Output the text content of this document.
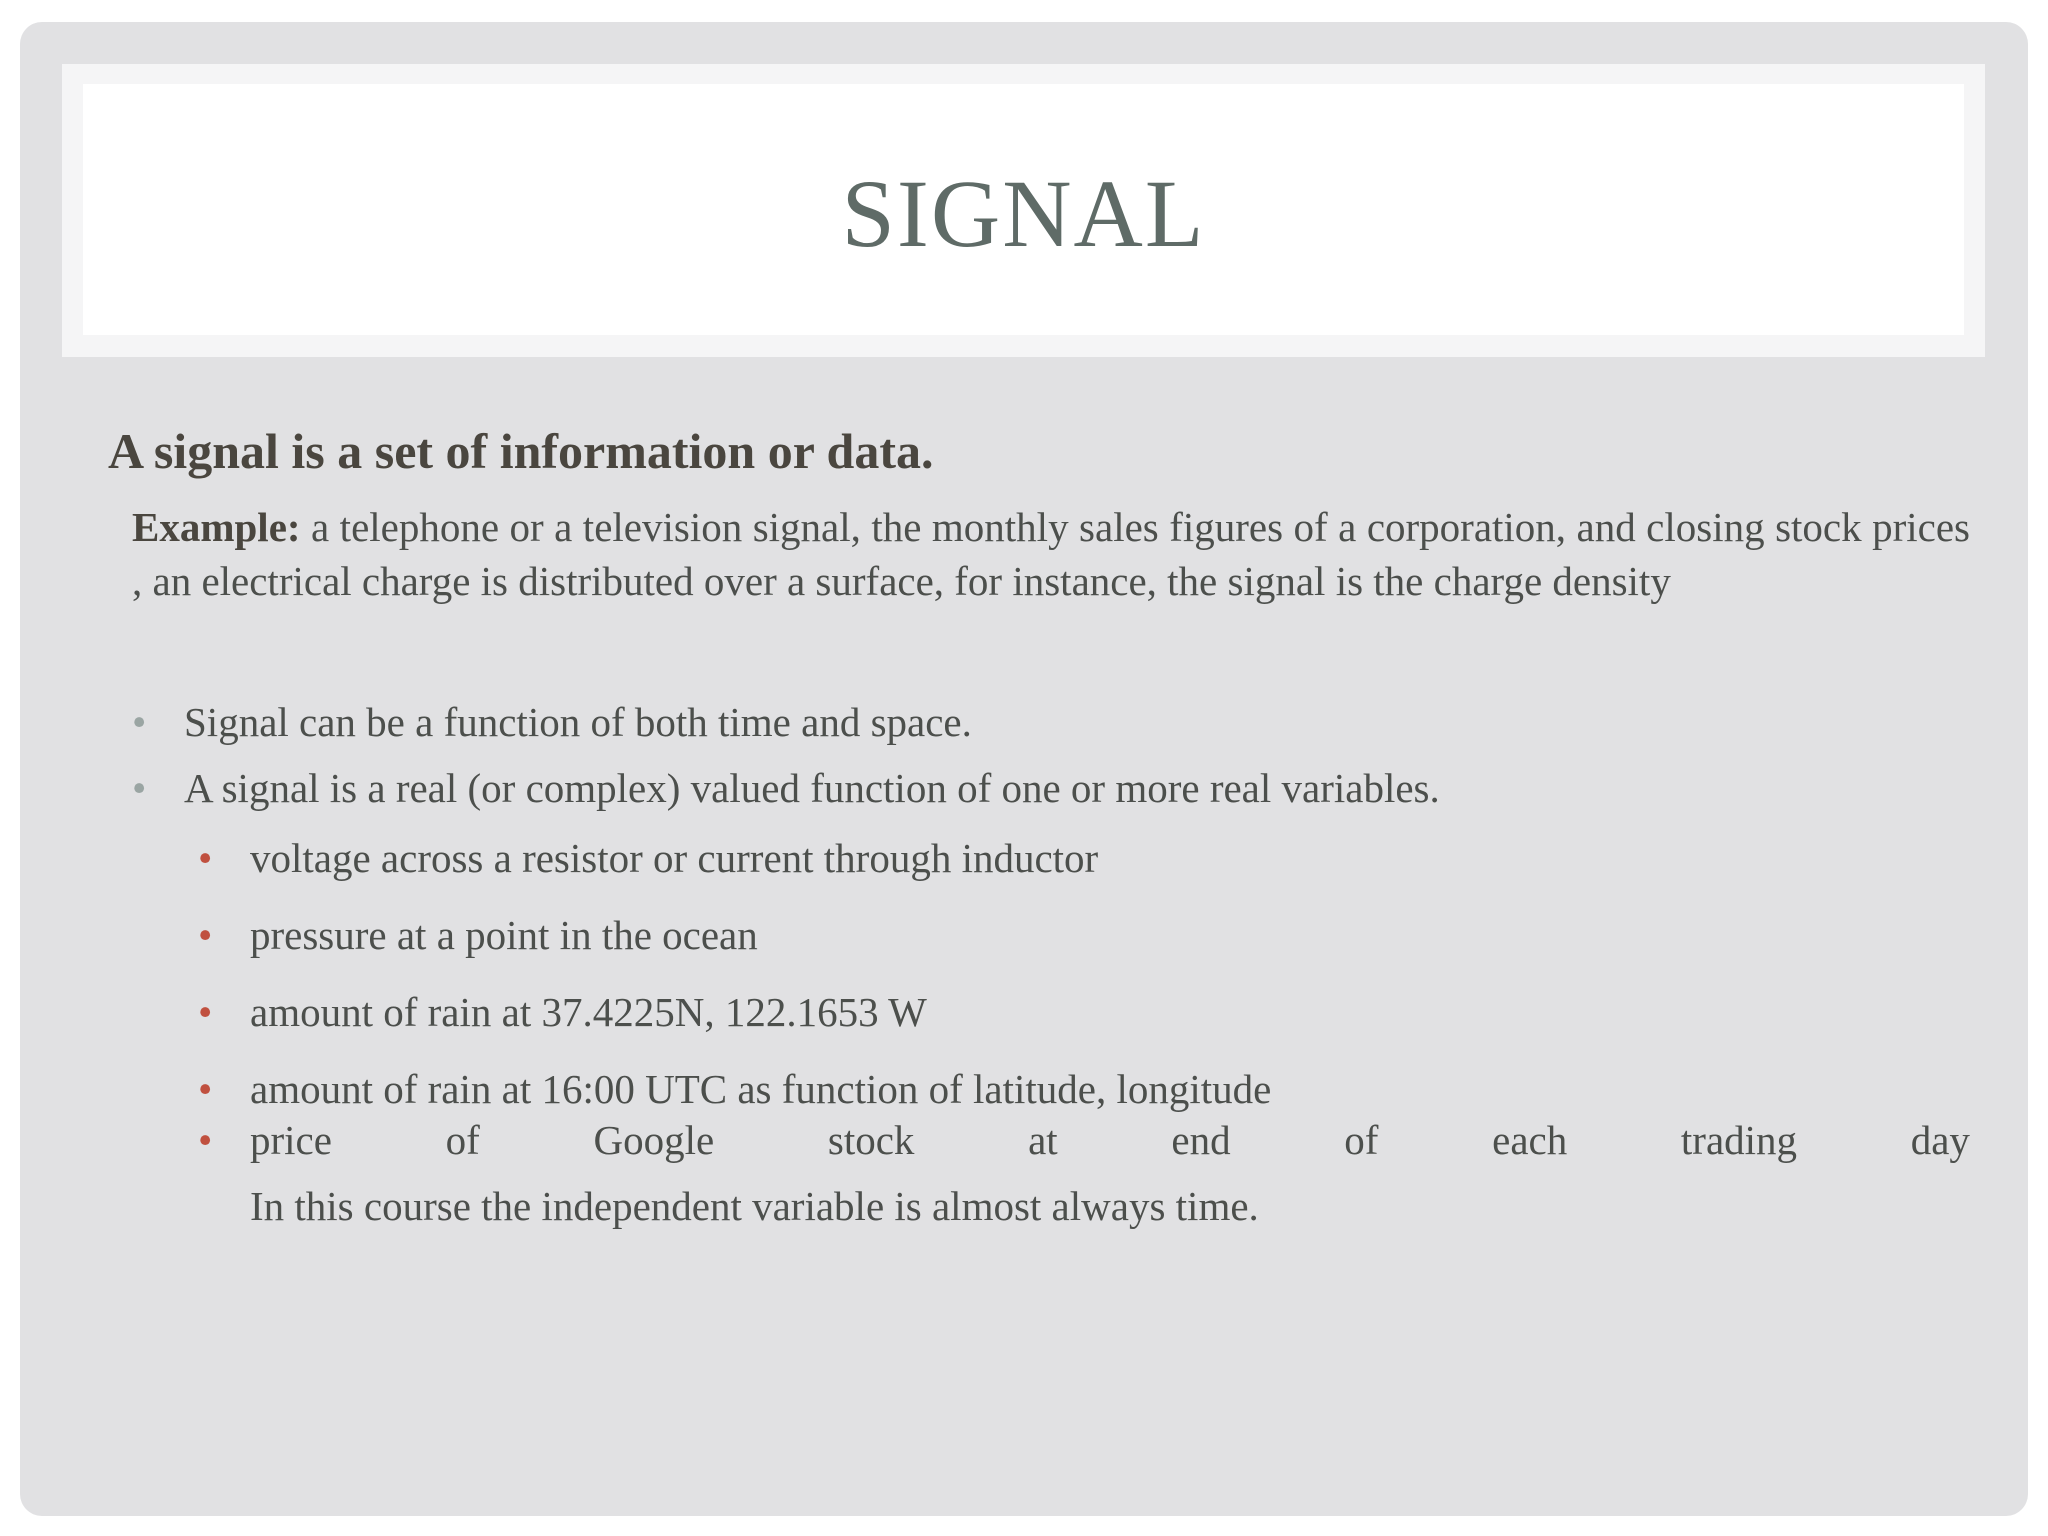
SIGNAL
A signal is a set of information or data.
Example: a telephone or a television signal, the monthly sales figures of a corporation, and closing stock prices , an electrical charge is distributed over a surface, for instance, the signal is the charge density
• Signal can be a function of both time and space.
• A signal is a real (or complex) valued function of one or more real variables.
• voltage across a resistor or current through inductor
• pressure at a point in the ocean
• amount of rain at 37.4225N, 122.1653 W
• amount of rain at 16:00 UTC as function of latitude, longitude
• price	of	Google	stock	at	end	of	each	trading	day
In this course the independent variable is almost always time.
